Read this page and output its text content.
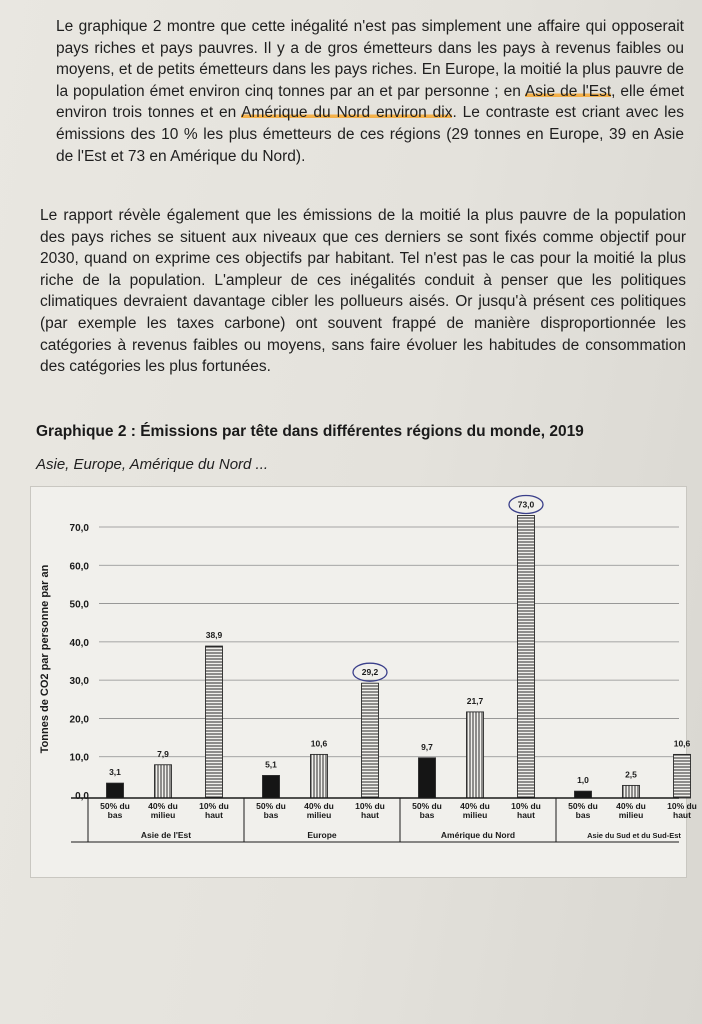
Le graphique 2 montre que cette inégalité n'est pas simplement une affaire qui opposerait pays riches et pays pauvres. Il y a de gros émetteurs dans les pays à revenus faibles ou moyens, et de petits émetteurs dans les pays riches. En Europe, la moitié la plus pauvre de la population émet environ cinq tonnes par an et par personne ; en Asie de l'Est, elle émet environ trois tonnes et en Amérique du Nord environ dix. Le contraste est criant avec les émissions des 10 % les plus émetteurs de ces régions (29 tonnes en Europe, 39 en Asie de l'Est et 73 en Amérique du Nord).

Le rapport révèle également que les émissions de la moitié la plus pauvre de la population des pays riches se situent aux niveaux que ces derniers se sont fixés comme objectif pour 2030, quand on exprime ces objectifs par habitant. Tel n'est pas le cas pour la moitié la plus riche de la population. L'ampleur de ces inégalités conduit à penser que les politiques climatiques devraient davantage cibler les pollueurs aisés. Or jusqu'à présent ces politiques (par exemple les taxes carbone) ont souvent frappé de manière disproportionnée les catégories à revenus faibles ou moyens, sans faire évoluer les habitudes de consommation des catégories les plus fortunées.

Graphique 2 : Émissions par tête dans différentes régions du monde, 2019
Asie, Europe, Amérique du Nord ...
0,0
10,0
20,0
30,0
40,0
50,0
60,0
70,0
3,1
7,9
38,9
5,1
10,6
29,2
9,7
21,7
73,0
1,0
2,5
10,6
50% du
bas
40% du
milieu
10% du
haut
Asie de l'Est
50% du
bas
40% du
milieu
10% du
haut
Europe
50% du
bas
40% du
milieu
10% du
haut
Amérique du Nord
50% du
bas
40% du
milieu
10% du
haut
Asie du Sud et du Sud-Est
Tonnes de CO2 par personne par an
